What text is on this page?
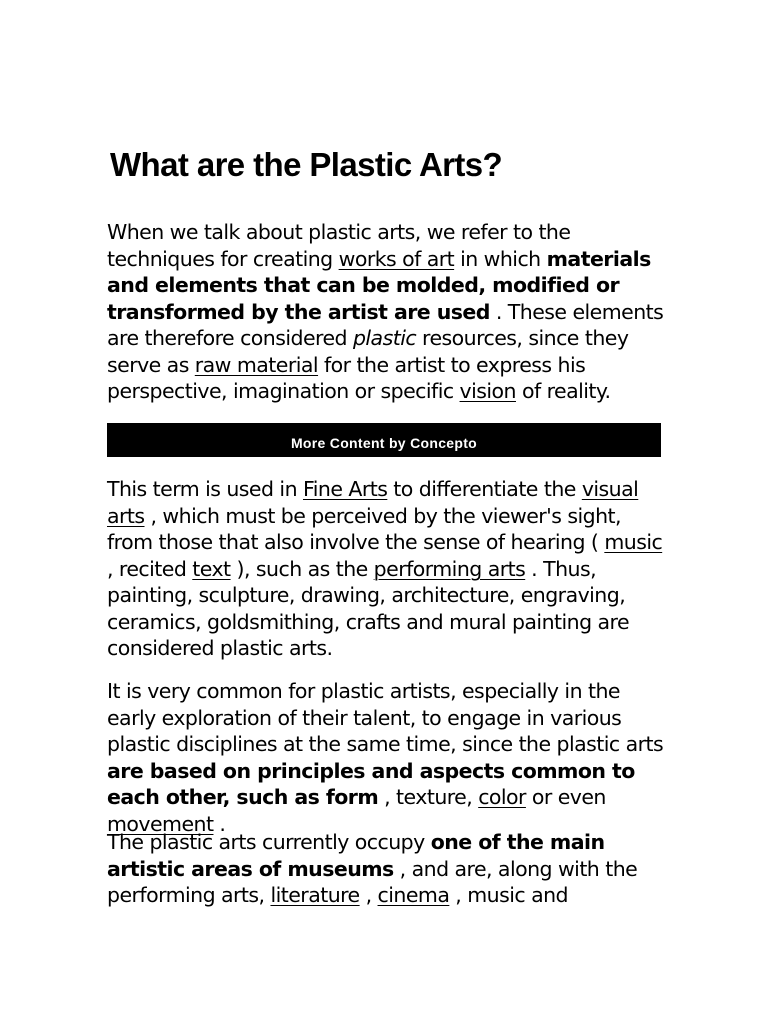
What are the Plastic Arts?

When we talk about plastic arts, we refer to the techniques for creating works of art in which materials and elements that can be molded, modified or transformed by the artist are used . These elements are therefore considered plastic resources, since they serve as raw material for the artist to express his perspective, imagination or specific vision of reality.

More Content by Concepto

This term is used in Fine Arts to differentiate the visual arts , which must be perceived by the viewer's sight, from those that also involve the sense of hearing ( music , recited text ), such as the performing arts . Thus, painting, sculpture, drawing, architecture, engraving, ceramics, goldsmithing, crafts and mural painting are considered plastic arts.

It is very common for plastic artists, especially in the early exploration of their talent, to engage in various plastic disciplines at the same time, since the plastic arts are based on principles and aspects common to each other, such as form , texture, color or even movement .

The plastic arts currently occupy one of the main artistic areas of museums , and are, along with the performing arts, literature , cinema , music and
